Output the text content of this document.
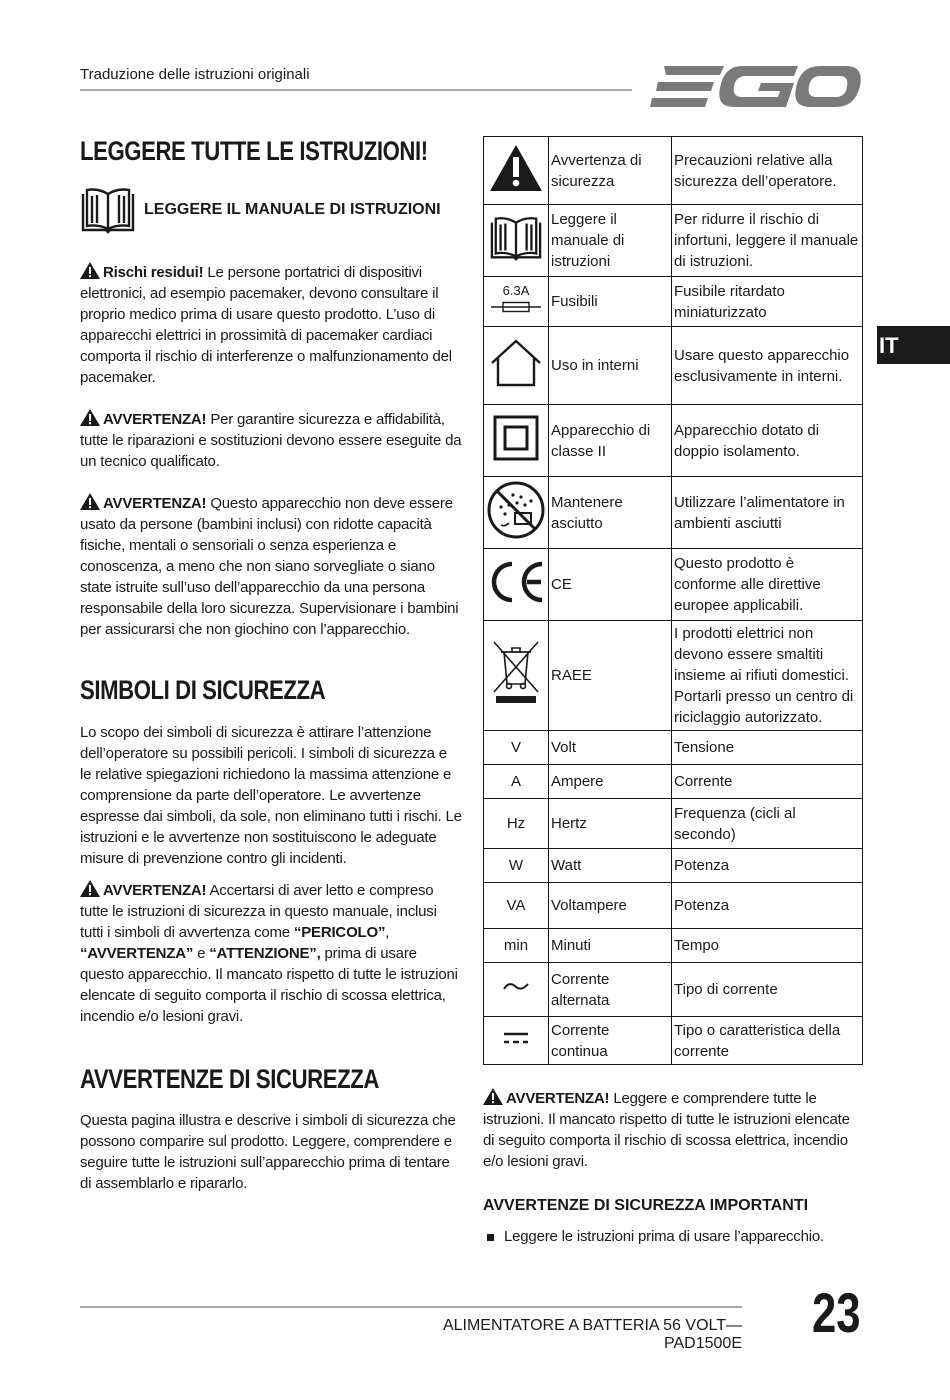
Traduzione delle istruzioni originali
EGO
IT
LEGGERE TUTTE LE ISTRUZIONI!
LEGGERE IL MANUALE DI ISTRUZIONI
Rischi residui! Le persone portatrici di dispositivi elettronici, ad esempio pacemaker, devono consultare il proprio medico prima di usare questo prodotto. L’uso di apparecchi elettrici in prossimità di pacemaker cardiaci comporta il rischio di interferenze o malfunzionamento del pacemaker.
AVVERTENZA! Per garantire sicurezza e affidabilità, tutte le riparazioni e sostituzioni devono essere eseguite da un tecnico qualificato.
AVVERTENZA! Questo apparecchio non deve essere usato da persone (bambini inclusi) con ridotte capacità fisiche, mentali o sensoriali o senza esperienza e conoscenza, a meno che non siano sorvegliate o siano state istruite sull’uso dell’apparecchio da una persona responsabile della loro sicurezza. Supervisionare i bambini per assicurarsi che non giochino con l’apparecchio.
SIMBOLI DI SICUREZZA
Lo scopo dei simboli di sicurezza è attirare l’attenzione dell’operatore su possibili pericoli. I simboli di sicurezza e le relative spiegazioni richiedono la massima attenzione e comprensione da parte dell’operatore. Le avvertenze espresse dai simboli, da sole, non eliminano tutti i rischi. Le istruzioni e le avvertenze non sostituiscono le adeguate misure di prevenzione contro gli incidenti.
AVVERTENZA! Accertarsi di aver letto e compreso tutte le istruzioni di sicurezza in questo manuale, inclusi tutti i simboli di avvertenza come “PERICOLO”, “AVVERTENZA” e “ATTENZIONE”, prima di usare questo apparecchio. Il mancato rispetto di tutte le istruzioni elencate di seguito comporta il rischio di scossa elettrica, incendio e/o lesioni gravi.
AVVERTENZE DI SICUREZZA
Questa pagina illustra e descrive i simboli di sicurezza che possono comparire sul prodotto. Leggere, comprendere e seguire tutte le istruzioni sull’apparecchio prima di tentare di assemblarlo e ripararlo.
	Avvertenza di sicurezza	Precauzioni relative alla sicurezza dell’operatore.
	Leggere il manuale di istruzioni	Per ridurre il rischio di infortuni, leggere il manuale di istruzioni.

6.3A	Fusibili	Fusibile ritardato miniaturizzato
	Uso in interni	Usare questo apparecchio esclusivamente in interni.
	Apparecchio di classe II	Apparecchio dotato di doppio isolamento.
	Mantenere asciutto	Utilizzare l’alimentatore in ambienti asciutti
	CE	Questo prodotto è conforme alle direttive europee applicabili.
	RAEE	I prodotti elettrici non devono essere smaltiti insieme ai rifiuti domestici. Portarli presso un centro di riciclaggio autorizzato.
V	Volt	Tensione
A	Ampere	Corrente
Hz	Hertz	Frequenza (cicli al secondo)
W	Watt	Potenza
VA	Voltampere	Potenza
min	Minuti	Tempo
	Corrente alternata	Tipo di corrente
	Corrente continua	Tipo o caratteristica della corrente
AVVERTENZA! Leggere e comprendere tutte le istruzioni. Il mancato rispetto di tutte le istruzioni elencate di seguito comporta il rischio di scossa elettrica, incendio e/o lesioni gravi.
AVVERTENZE DI SICUREZZA IMPORTANTI
Leggere le istruzioni prima di usare l’apparecchio.
ALIMENTATORE A BATTERIA 56 VOLT— PAD1500E 23
